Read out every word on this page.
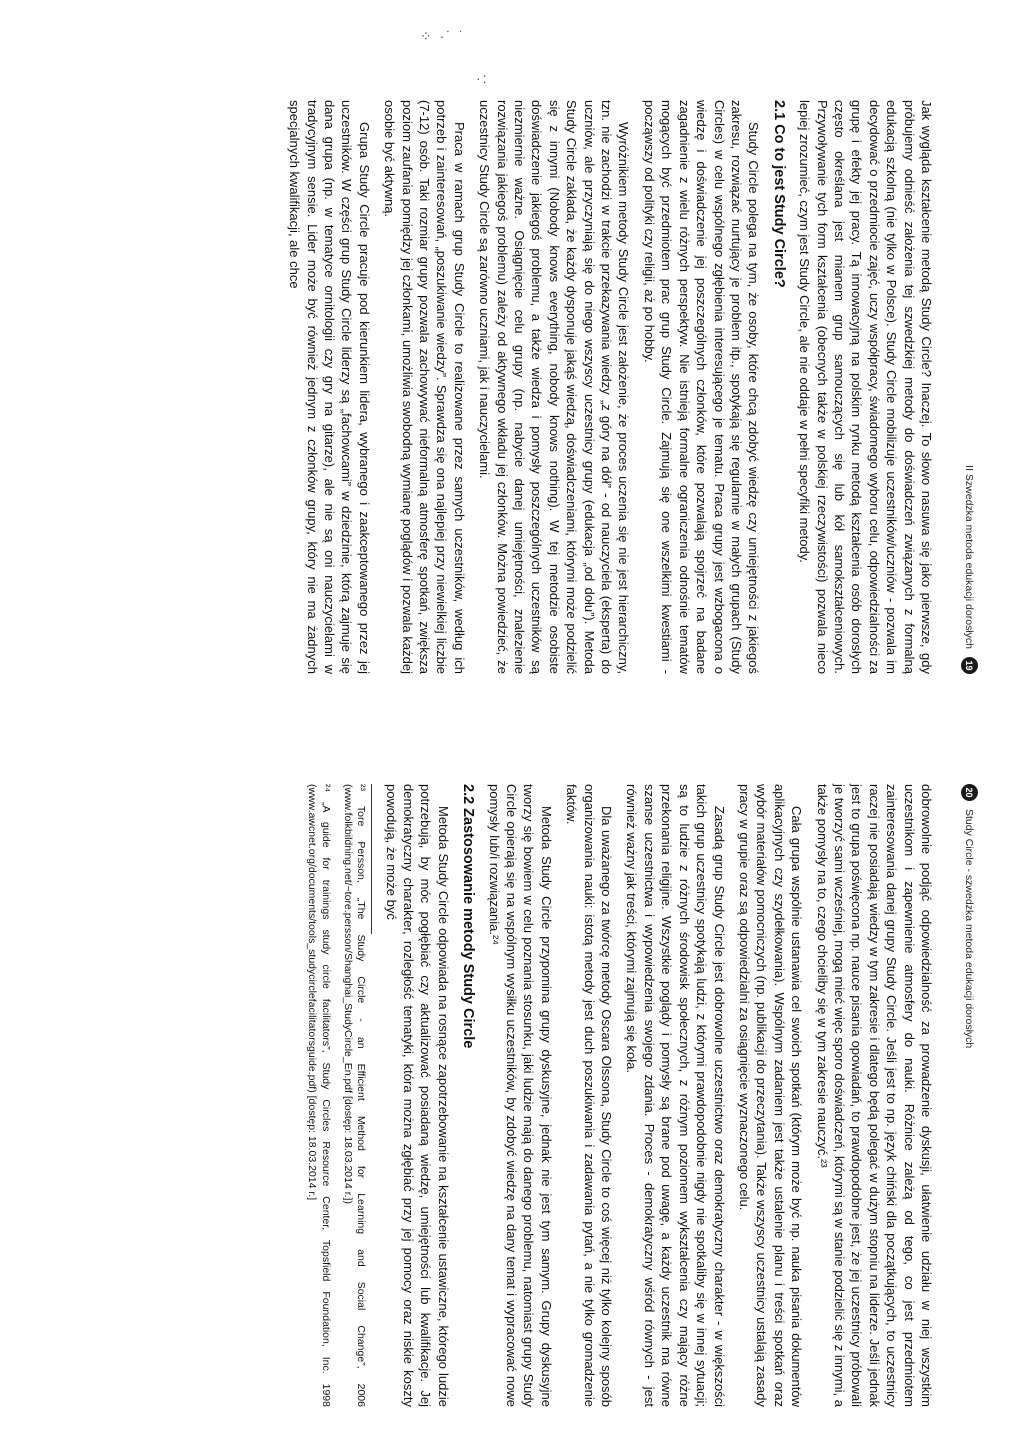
⁘ ·˙ ˙
·:
II Szwedzka metoda edukacji dorosłych
19

Jak wygląda kształcenie metodą Study Circle? Inaczej. To słowo nasuwa się jako pierwsze, gdy próbujemy odnieść założenia tej szwedzkiej metody do doświadczeń związanych z formalną edukacją szkolną (nie tylko w Polsce). Study Circle mobilizuje uczestników/uczniów - pozwala im decydować o przedmiocie zajęć, uczy współpracy, świadomego wyboru celu, odpowiedzialności za grupę i efekty jej pracy. Tą innowacyjną na polskim rynku metodą kształcenia osób dorosłych często określana jest mianem grup samouczących się lub kół samokształceniowych. Przywoływanie tych form kształcenia (obecnych także w polskiej rzeczywistości) pozwala nieco lepiej zrozumieć, czym jest Study Circle, ale nie oddaje w pełni specyfiki metody.

2.1 Co to jest Study Circle?

Study Circle polega na tym, że osoby, które chcą zdobyć wiedzę czy umiejętności z jakiegoś zakresu, rozwiązać nurtujący je problem itp., spotykają się regularnie w małych grupach (Study Circles) w celu wspólnego zgłębienia interesującego je tematu. Praca grupy jest wzbogacona o wiedzę i doświadczenie jej poszczególnych członków, które pozwalają spojrzeć na badane zagadnienie z wielu różnych perspektyw. Nie istnieją formalne ograniczenia odnośnie tematów mogących być przedmiotem prac grup Study Circle. Zajmują się one wszelkimi kwestiami - począwszy od polityki czy religii, aż po hobby.

Wyróżnikiem metody Study Circle jest założenie, że proces uczenia się nie jest hierarchiczny, tzn. nie zachodzi w trakcie przekazywania wiedzy „z góry na dół” - od nauczyciela (eksperta) do uczniów, ale przyczyniają się do niego wszyscy uczestnicy grupy (edukacja „od dołu”). Metoda Study Circle zakłada, że każdy dysponuje jakąś wiedzą, doświadczeniami, którymi może podzielić się z innymi (Nobody knows everything, nobody knows nothing). W tej metodzie osobiste doświadczenie jakiegoś problemu, a także wiedza i pomysły poszczególnych uczestników są niezmiernie ważne. Osiągnięcie celu grupy (np. nabycie danej umiejętności, znalezienie rozwiązania jakiegoś problemu) zależy od aktywnego wkładu jej członków. Można powiedzieć, że uczestnicy Study Circle są zarówno uczniami, jak i nauczycielami.

Praca w ramach grup Study Circle to realizowane przez samych uczestników, według ich potrzeb i zainteresowań, „poszukiwanie wiedzy”. Sprawdza się ona najlepiej przy niewielkiej liczbie (7-12) osób. Taki rozmiar grupy pozwala zachowywać nieformalną atmosferę spotkań, zwiększa poziom zaufania pomiędzy jej członkami, umożliwia swobodną wymianę poglądów i pozwala każdej osobie być aktywną.

Grupa Study Circle pracuje pod kierunkiem lidera, wybranego i zaakceptowanego przez jej uczestników. W części grup Study Circle liderzy są „fachowcami” w dziedzinie, którą zajmuje się dana grupa (np. w tematyce ornitologii czy gry na gitarze), ale nie są oni nauczycielami w tradycyjnym sensie. Lider może być również jednym z członków grupy, który nie ma żadnych specjalnych kwalifikacji, ale chce

20
Study Circle - szwedzka metoda edukacji dorosłych

dobrowolnie podjąć odpowiedzialność za prowadzenie dyskusji, ułatwienie udziału w niej wszystkim uczestnikom i zapewnienie atmosfery do nauki. Różnice zależą od tego, co jest przedmiotem zainteresowania danej grupy Study Circle. Jeśli jest to np. język chiński dla początkujących, to uczestnicy raczej nie posiadają wiedzy w tym zakresie i dlatego będą polegać w dużym stopniu na liderze. Jeśli jednak jest to grupa poświęcona np. nauce pisania opowiadań, to prawdopodobne jest, że jej uczestnicy próbowali je tworzyć sami wcześniej, mogą mieć więc sporo doświadczeń, którymi są w stanie podzielić się z innymi, a także pomysły na to, czego chcieliby się w tym zakresie nauczyć.²³

Cała grupa wspólnie ustanawia cel swoich spotkań (którym może być np. nauka pisania dokumentów aplikacyjnych czy szydełkowania). Wspólnym zadaniem jest także ustalenie planu i treści spotkań oraz wybór materiałów pomocniczych (np. publikacji do przeczytania). Także wszyscy uczestnicy ustalają zasady pracy w grupie oraz są odpowiedzialni za osiągnięcie wyznaczonego celu.

Zasadą grup Study Circle jest dobrowolne uczestnictwo oraz demokratyczny charakter - w większości takich grup uczestnicy spotykają ludzi, z którymi prawdopodobnie nigdy nie spotkaliby się w innej sytuacji; są to ludzie z różnych środowisk społecznych, z różnym poziomem wykształcenia czy mający różne przekonania religijne. Wszystkie poglądy i pomysły są brane pod uwagę, a każdy uczestnik ma równe szanse uczestnictwa i wypowiedzenia swojego zdania. Proces - demokratyczny wśród równych - jest również ważny jak treści, którymi zajmują się koła.

Dla uważanego za twórcę metody Oscara Olssona, Study Circle to coś więcej niż tylko kolejny sposób organizowania nauki: istotą metody jest duch poszukiwania i zadawania pytań, a nie tylko gromadzenie faktów.

Metoda Study Circle przypomina grupy dyskusyjne, jednak nie jest tym samym. Grupy dyskusyjne tworzy się bowiem w celu poznania stosunku, jaki ludzie mają do danego problemu, natomiast grupy Study Circle opierają się na wspólnym wysiłku uczestników, by zdobyć wiedzę na dany temat i wypracować nowe pomysły lub/i rozwiązania.²⁴

2.2 Zastosowanie metody Study Circle

Metoda Study Circle odpowiada na rosnące zapotrzebowanie na kształcenie ustawiczne, którego ludzie potrzebują, by móc pogłębiać czy aktualizować posiadaną wiedzę, umiejętności lub kwalifikacje. Jej demokratyczny charakter, rozległość tematyki, która można zgłębiać przy jej pomocy oraz niskie koszty powodują, że może być

²³ Tore Persson, „The Study Circle - an Efficient Method for Learning and Social Change”, 2006 (www.folkbildning.net/~tore.persson/Shanghai_StudyCircle_En.pdf [dostęp: 18.03.2014 r.])

²⁴ „A guide for trainings study circle facilitators”, Study Circles Resource Center, Topsfield Foundation, Inc. 1998 (www.awcnet.org/documents/tools_studycirclefacilitatorsguide.pdf) [dostęp: 18.03.2014 r.]
